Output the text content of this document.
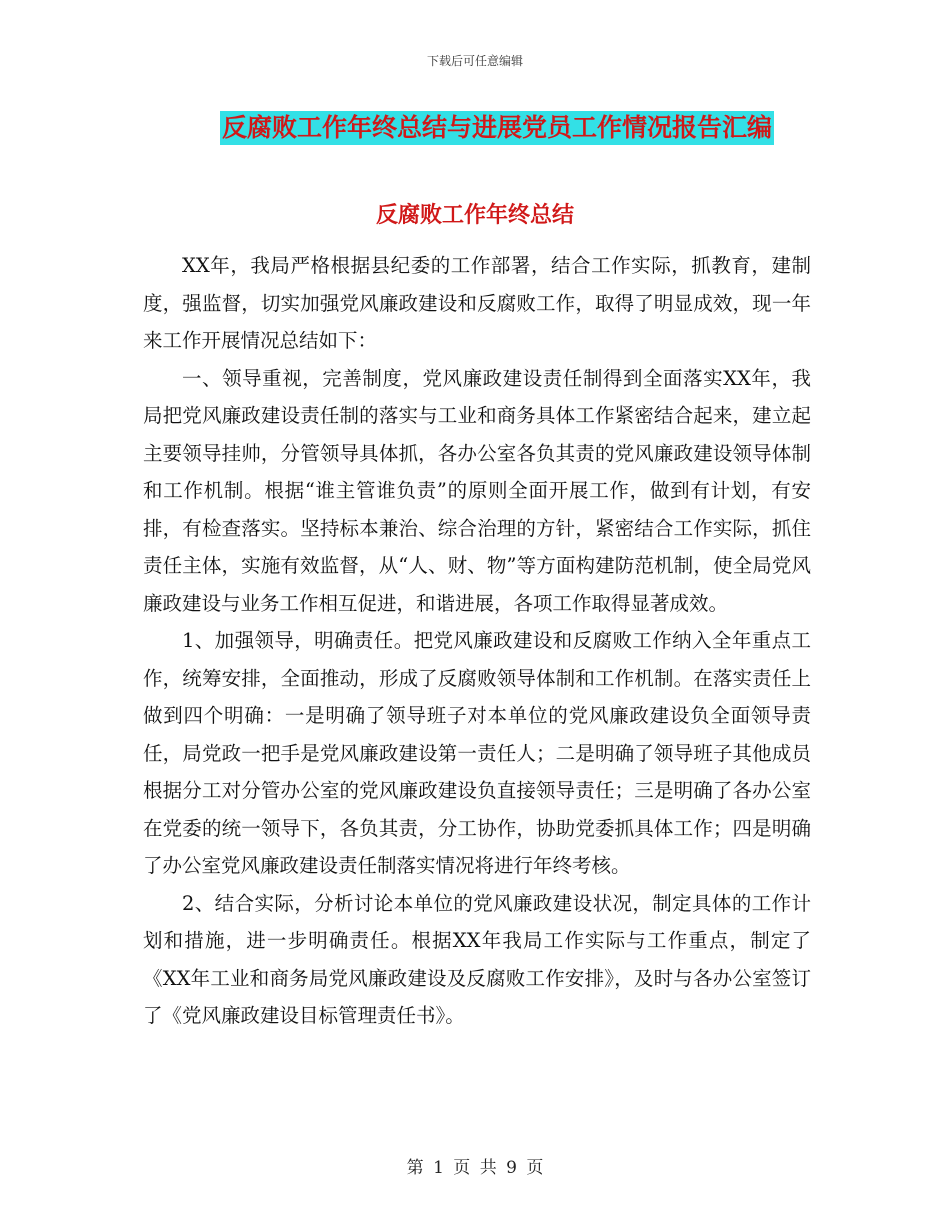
下载后可任意编辑
反腐败工作年终总结与进展党员工作情况报告汇编
反腐败工作年终总结

XX年，我局严格根据县纪委的工作部署，结合工作实际，抓教育，建制度，强监督，切实加强党风廉政建设和反腐败工作，取得了明显成效，现一年来工作开展情况总结如下：

一、领导重视，完善制度，党风廉政建设责任制得到全面落实XX年，我局把党风廉政建设责任制的落实与工业和商务具体工作紧密结合起来，建立起主要领导挂帅，分管领导具体抓，各办公室各负其责的党风廉政建设领导体制和工作机制。根据“谁主管谁负责”的原则全面开展工作，做到有计划，有安排，有检查落实。坚持标本兼治、综合治理的方针，紧密结合工作实际，抓住责任主体，实施有效监督，从“人、财、物”等方面构建防范机制，使全局党风廉政建设与业务工作相互促进，和谐进展，各项工作取得显著成效。

1、加强领导，明确责任。把党风廉政建设和反腐败工作纳入全年重点工作，统筹安排，全面推动，形成了反腐败领导体制和工作机制。在落实责任上做到四个明确：一是明确了领导班子对本单位的党风廉政建设负全面领导责任，局党政一把手是党风廉政建设第一责任人；二是明确了领导班子其他成员根据分工对分管办公室的党风廉政建设负直接领导责任；三是明确了各办公室在党委的统一领导下，各负其责，分工协作，协助党委抓具体工作；四是明确了办公室党风廉政建设责任制落实情况将进行年终考核。

2、结合实际，分析讨论本单位的党风廉政建设状况，制定具体的工作计划和措施，进一步明确责任。根据XX年我局工作实际与工作重点，制定了《XX年工业和商务局党风廉政建设及反腐败工作安排》，及时与各办公室签订了《党风廉政建设目标管理责任书》。

第 1 页 共 9 页
